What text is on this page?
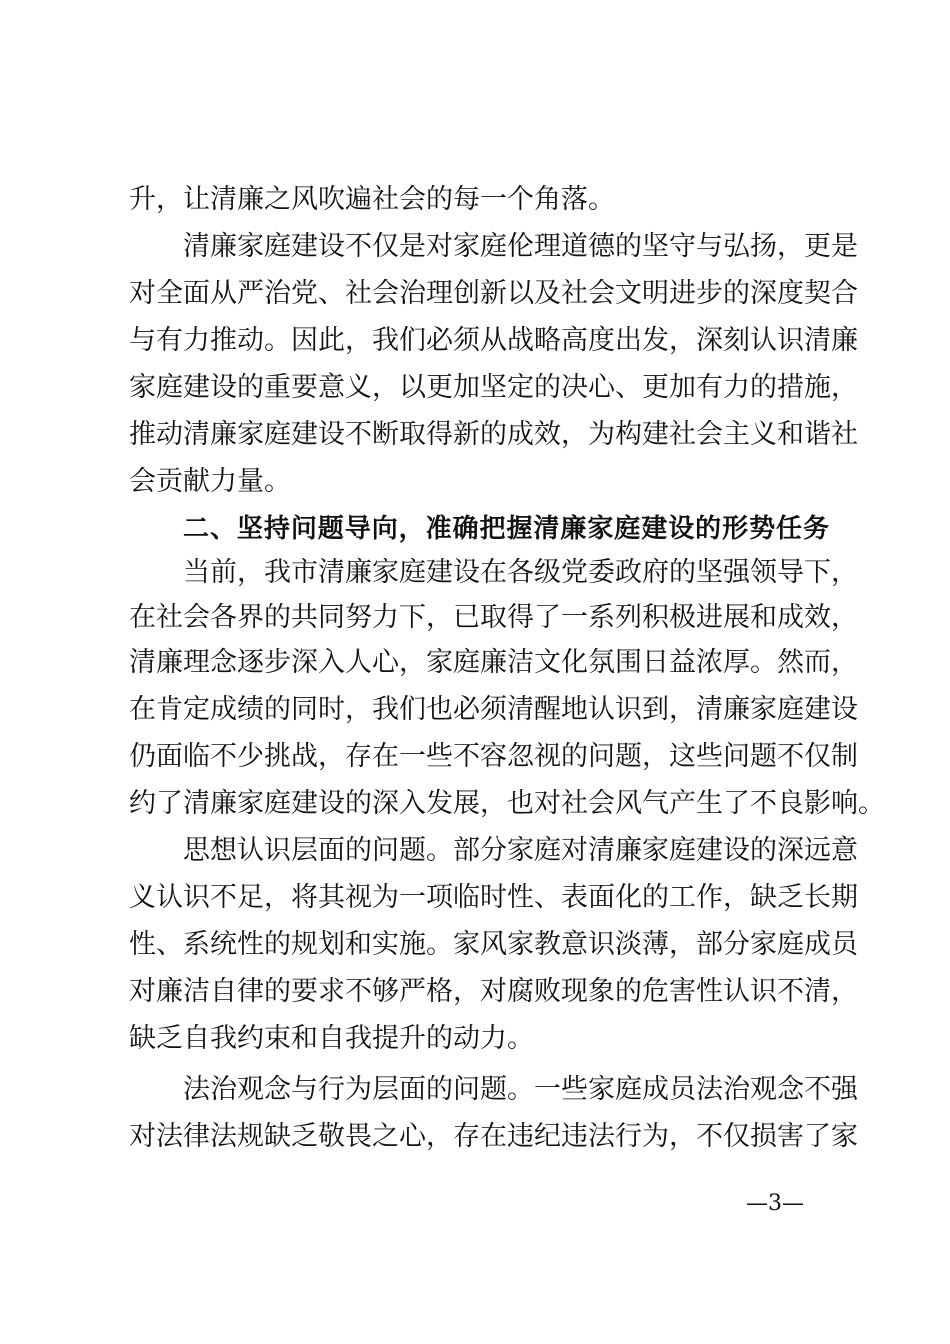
升，让清廉之风吹遍社会的每一个角落。
清廉家庭建设不仅是对家庭伦理道德的坚守与弘扬，更是
对全面从严治党、社会治理创新以及社会文明进步的深度契合
与有力推动。因此，我们必须从战略高度出发，深刻认识清廉
家庭建设的重要意义，以更加坚定的决心、更加有力的措施，
推动清廉家庭建设不断取得新的成效，为构建社会主义和谐社
会贡献力量。
二、坚持问题导向，准确把握清廉家庭建设的形势任务
当前，我市清廉家庭建设在各级党委政府的坚强领导下，
在社会各界的共同努力下，已取得了一系列积极进展和成效，
清廉理念逐步深入人心，家庭廉洁文化氛围日益浓厚。然而，
在肯定成绩的同时，我们也必须清醒地认识到，清廉家庭建设
仍面临不少挑战，存在一些不容忽视的问题，这些问题不仅制
约了清廉家庭建设的深入发展，也对社会风气产生了不良影响。
思想认识层面的问题。部分家庭对清廉家庭建设的深远意
义认识不足，将其视为一项临时性、表面化的工作，缺乏长期
性、系统性的规划和实施。家风家教意识淡薄，部分家庭成员
对廉洁自律的要求不够严格，对腐败现象的危害性认识不清，
缺乏自我约束和自我提升的动力。
法治观念与行为层面的问题。一些家庭成员法治观念不强
对法律法规缺乏敬畏之心，存在违纪违法行为，不仅损害了家
—3—
